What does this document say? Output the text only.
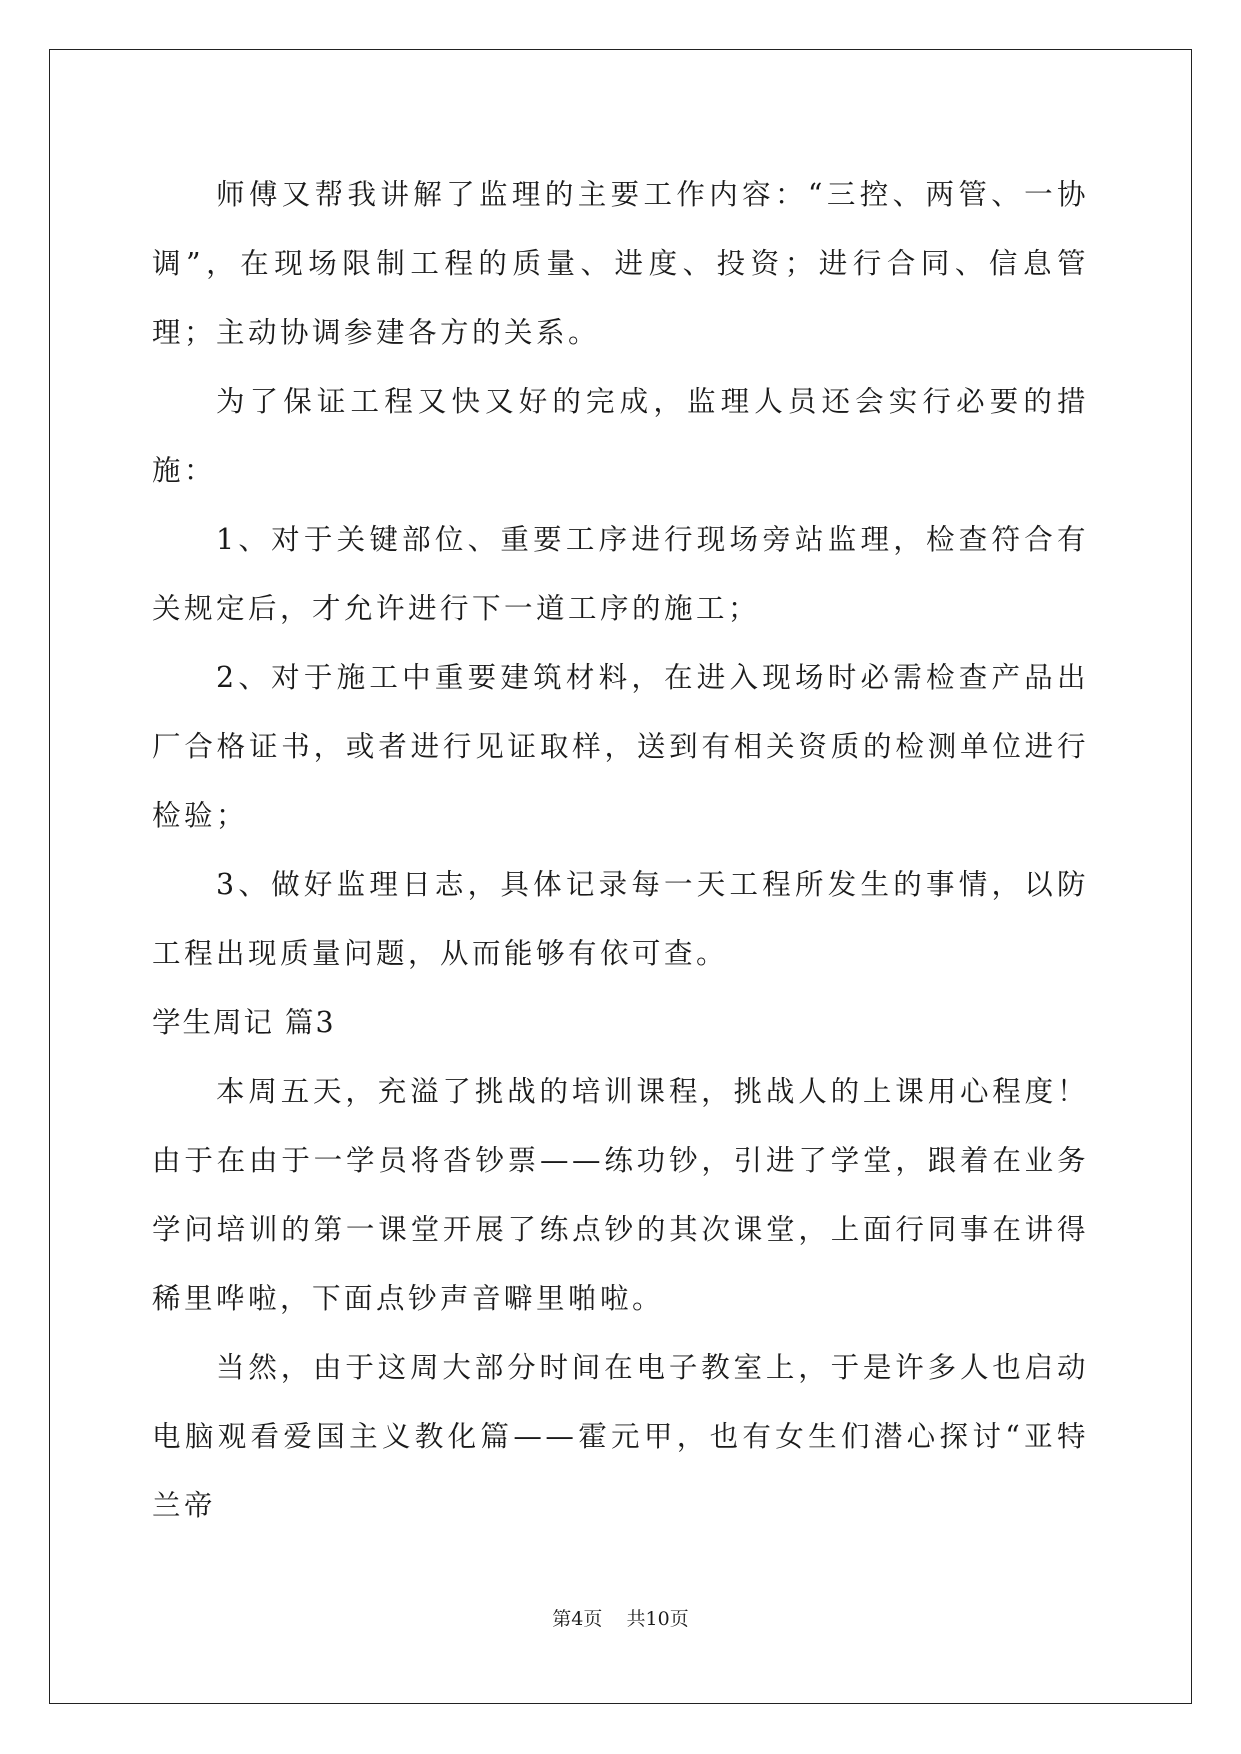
师傅又帮我讲解了监理的主要工作内容：“三控、两管、一协调”，在现场限制工程的质量、进度、投资；进行合同、信息管理；主动协调参建各方的关系。

为了保证工程又快又好的完成，监理人员还会实行必要的措施：

1、对于关键部位、重要工序进行现场旁站监理，检查符合有关规定后，才允许进行下一道工序的施工；

2、对于施工中重要建筑材料，在进入现场时必需检查产品出厂合格证书，或者进行见证取样，送到有相关资质的检测单位进行检验；

3、做好监理日志，具体记录每一天工程所发生的事情，以防工程出现质量问题，从而能够有依可查。

学生周记 篇3

本周五天，充溢了挑战的培训课程，挑战人的上课用心程度！由于在由于一学员将沓钞票——练功钞，引进了学堂，跟着在业务学问培训的第一课堂开展了练点钞的其次课堂，上面行同事在讲得稀里哗啦，下面点钞声音噼里啪啦。

当然，由于这周大部分时间在电子教室上，于是许多人也启动电脑观看爱国主义教化篇——霍元甲，也有女生们潜心探讨“亚特兰帝

第4页 共10页
